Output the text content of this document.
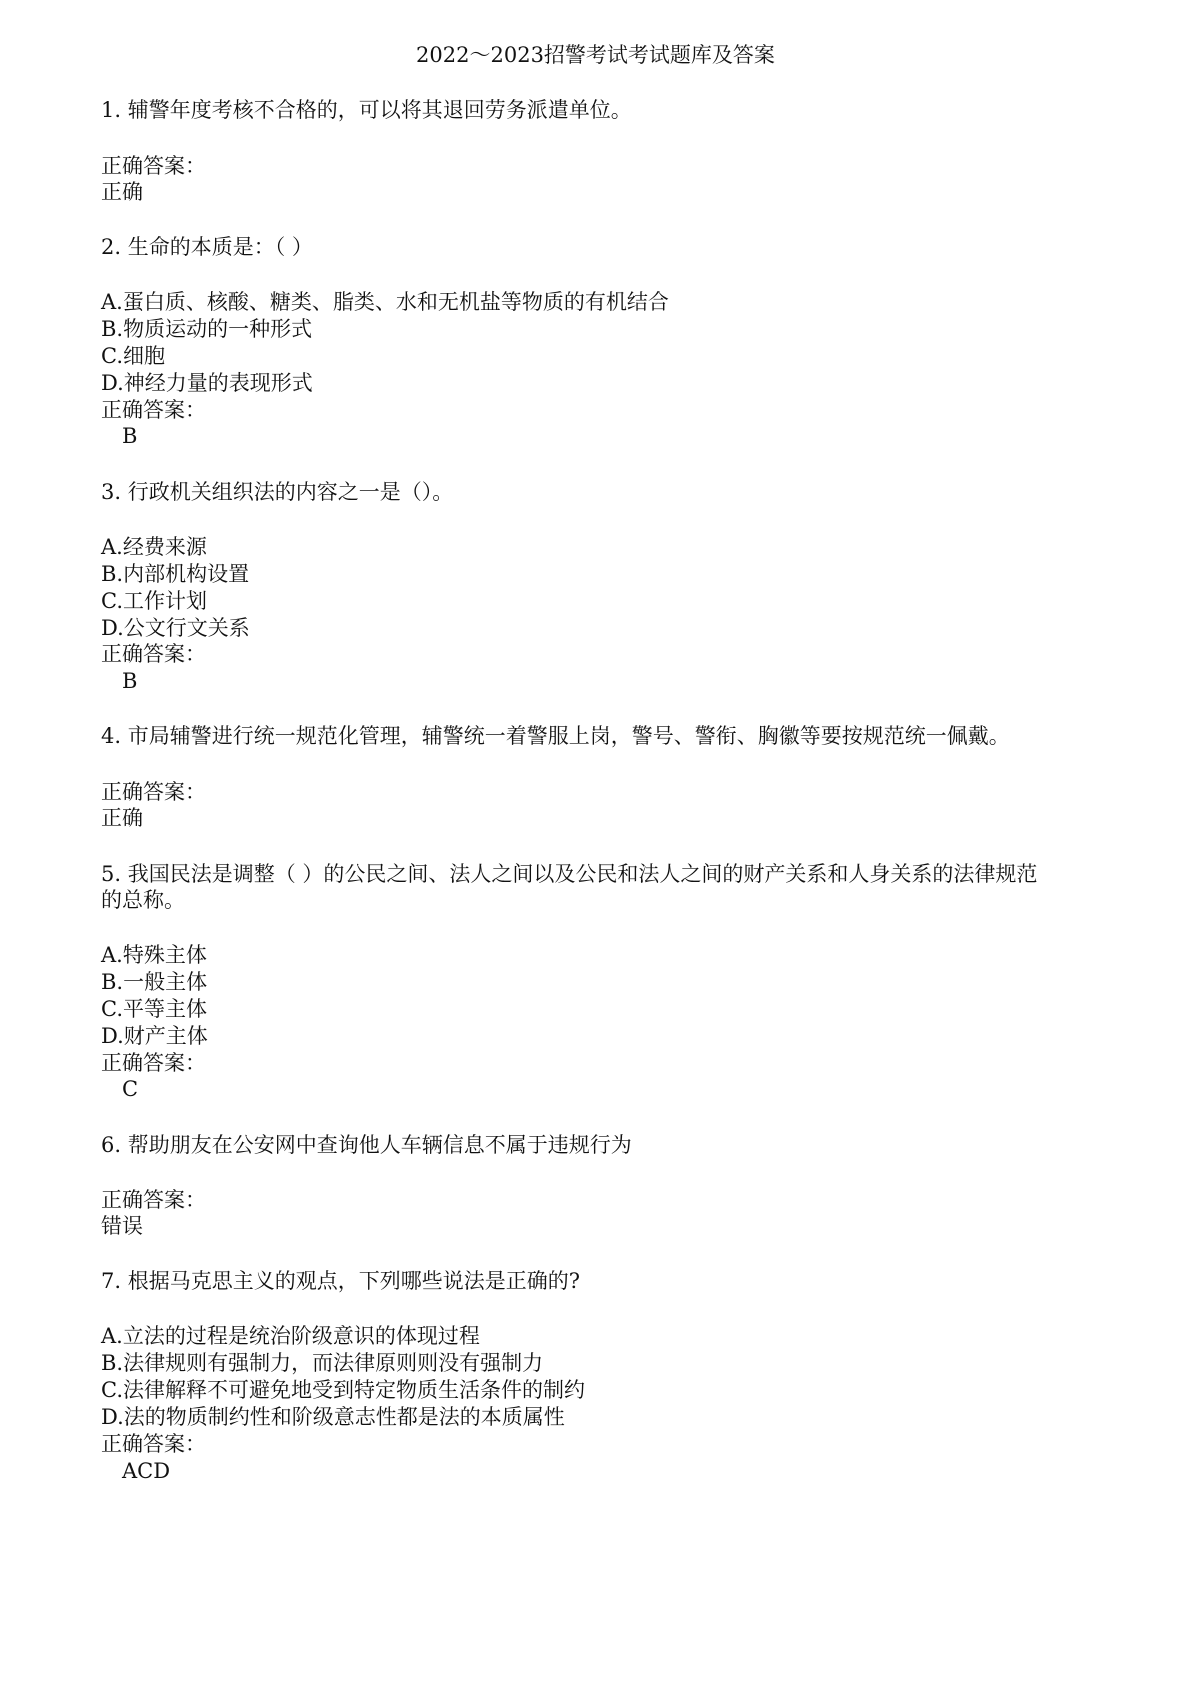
2022～2023招警考试考试题库及答案
1. 辅警年度考核不合格的，可以将其退回劳务派遣单位。
正确答案：
正确
2. 生命的本质是：（ ）
A.蛋白质、核酸、糖类、脂类、水和无机盐等物质的有机结合
B.物质运动的一种形式
C.细胞
D.神经力量的表现形式
正确答案：
B
3. 行政机关组织法的内容之一是（）。
A.经费来源
B.内部机构设置
C.工作计划
D.公文行文关系
正确答案：
B
4. 市局辅警进行统一规范化管理，辅警统一着警服上岗，警号、警衔、胸徽等要按规范统一佩戴。
正确答案：
正确
5. 我国民法是调整（ ）的公民之间、法人之间以及公民和法人之间的财产关系和人身关系的法律规范
的总称。
A.特殊主体
B.一般主体
C.平等主体
D.财产主体
正确答案：
C
6. 帮助朋友在公安网中查询他人车辆信息不属于违规行为
正确答案：
错误
7. 根据马克思主义的观点，下列哪些说法是正确的?
A.立法的过程是统治阶级意识的体现过程
B.法律规则有强制力，而法律原则则没有强制力
C.法律解释不可避免地受到特定物质生活条件的制约
D.法的物质制约性和阶级意志性都是法的本质属性
正确答案：
ACD
